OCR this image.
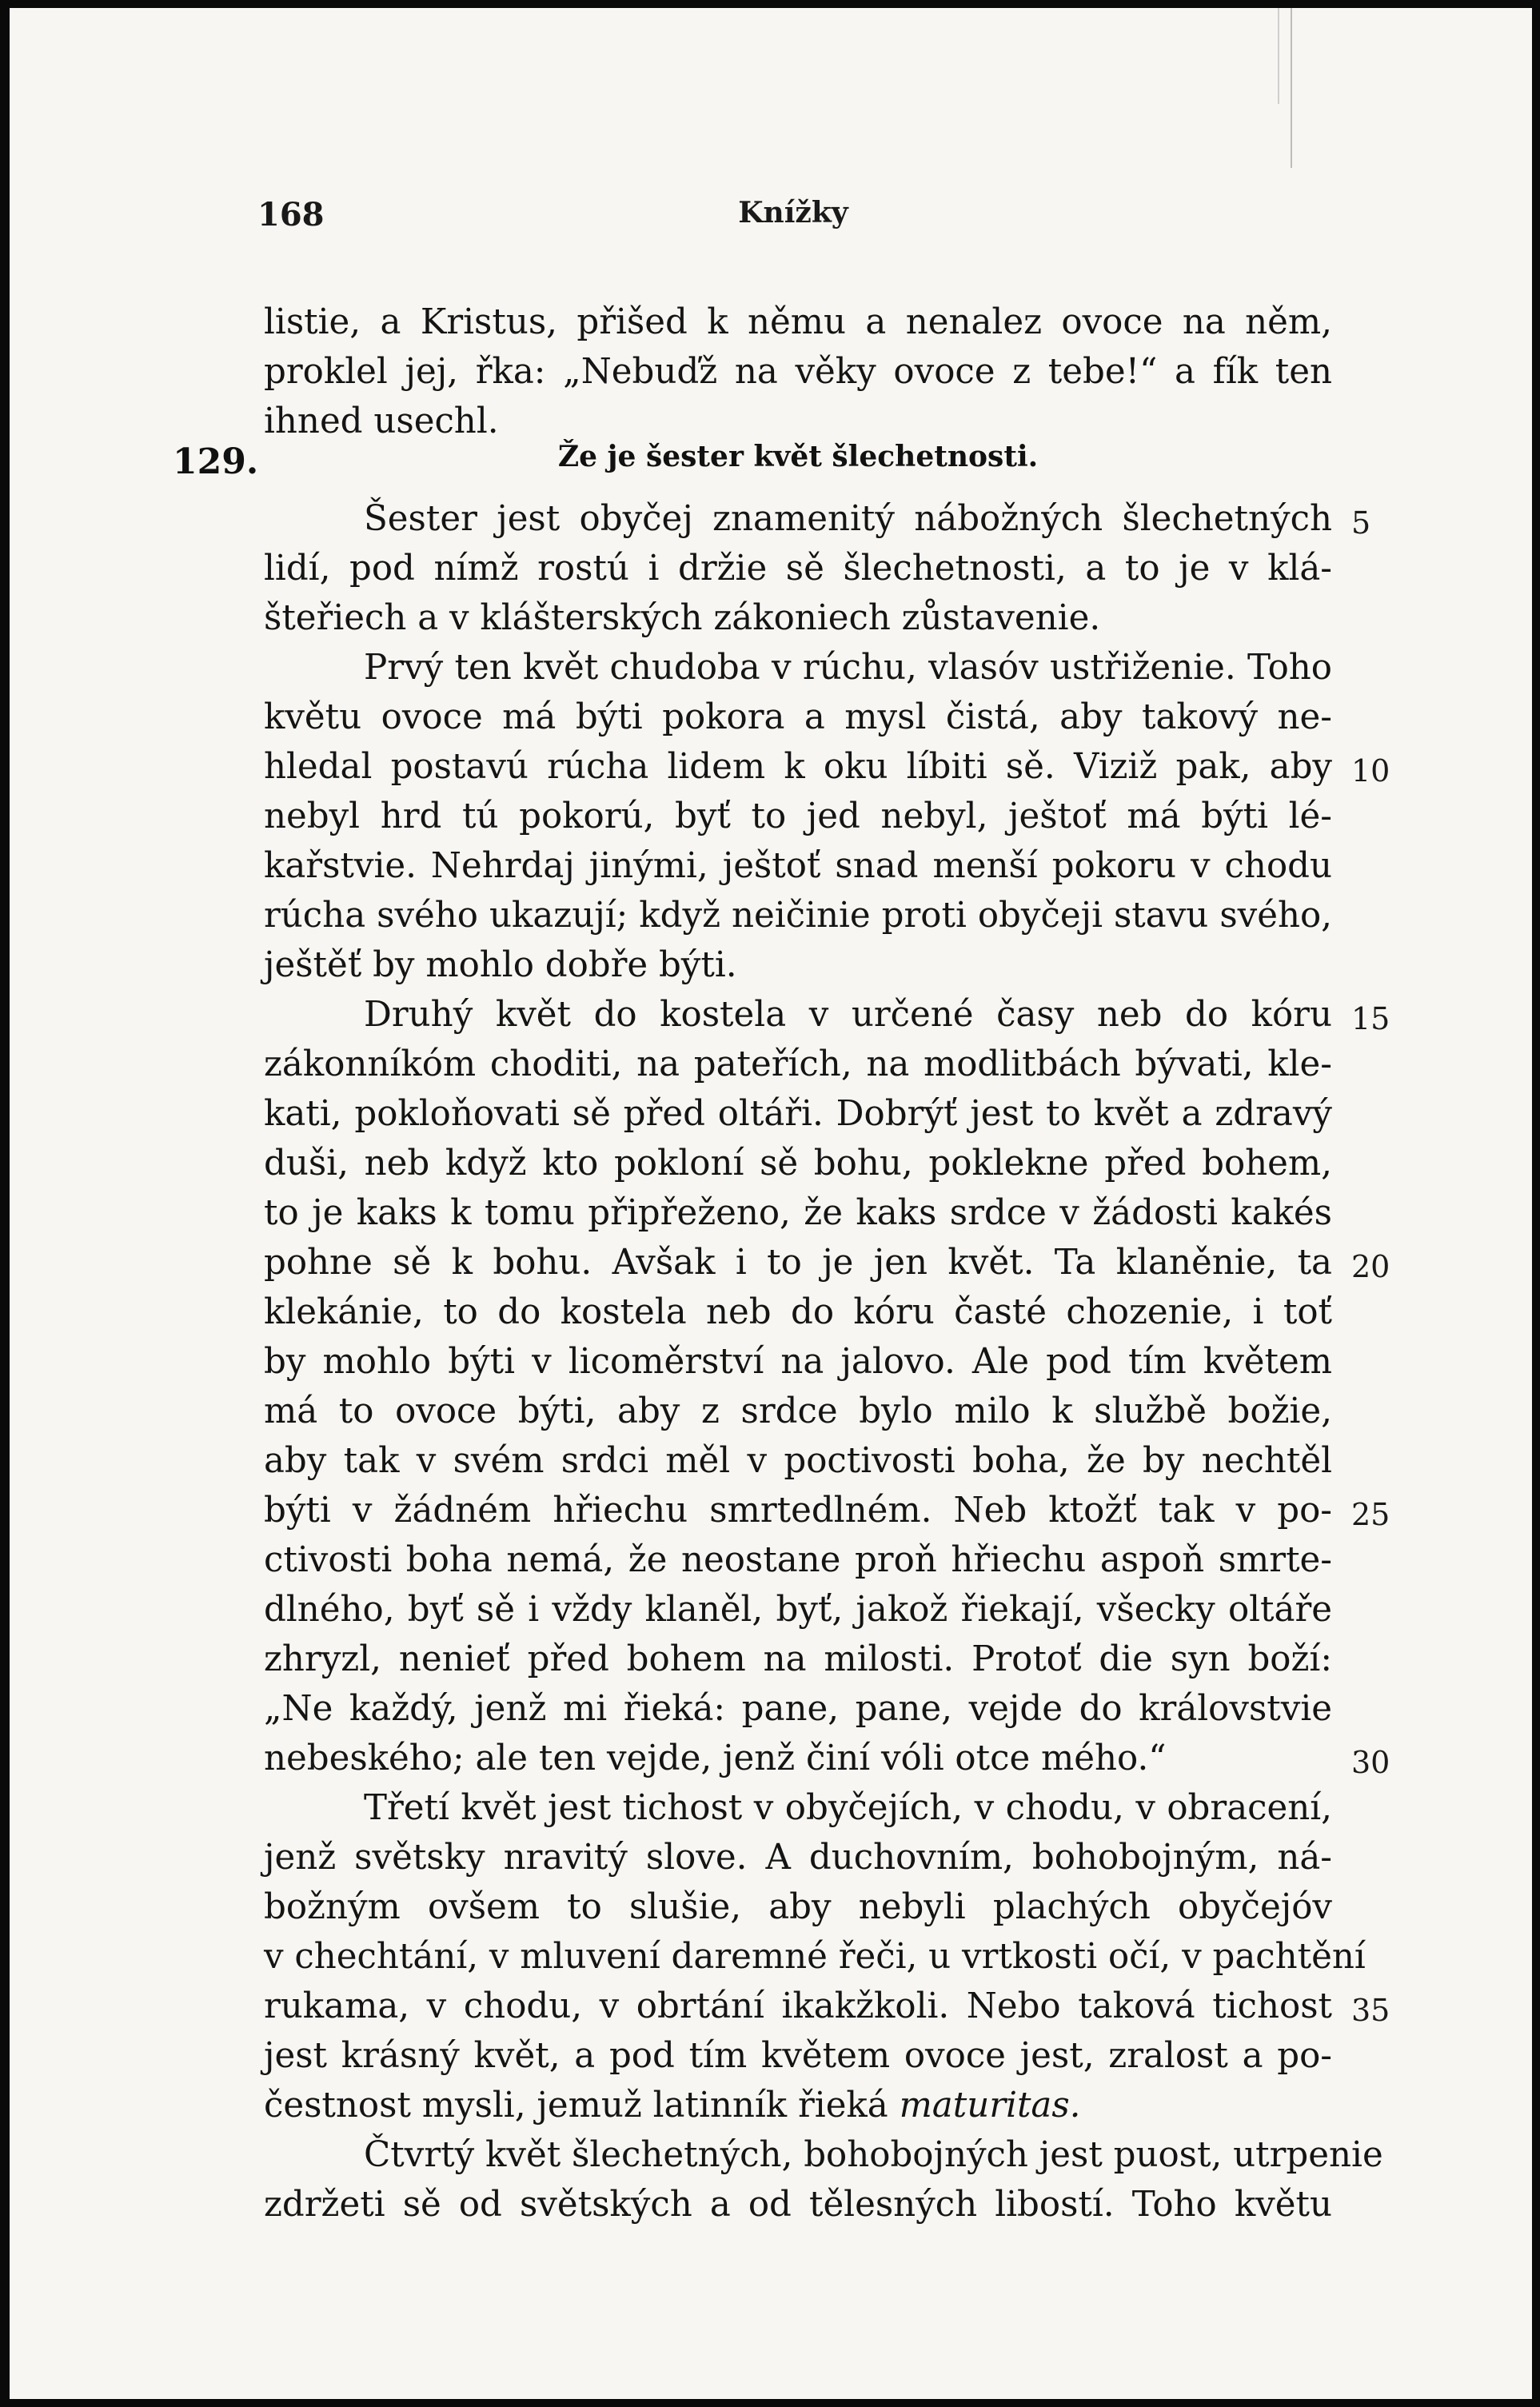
168	Knížky
listie, a Kristus, přišed k němu a nenalez ovoce na něm,
proklel jej, řka: „Nebuďž na věky ovoce z tebe!“ a fík ten
ihned usechl.
129.	Že je šester květ šlechetnosti.
Šester jest obyčej znamenitý nábožných šlechetných
lidí, pod nímž rostú i držie sě šlechetnosti, a to je v klá-
šteřiech a v klášterských zákoniech zůstavenie.
Prvý ten květ chudoba v rúchu, vlasóv ustřiženie. Toho
květu ovoce má býti pokora a mysl čistá, aby takový ne-
hledal postavú rúcha lidem k oku líbiti sě. Viziž pak, aby
nebyl hrd tú pokorú, byť to jed nebyl, ještoť má býti lé-
kařstvie. Nehrdaj jinými, ještoť snad menší pokoru v chodu
rúcha svého ukazují; když neičinie proti obyčeji stavu svého,
ještěť by mohlo dobře býti.
Druhý květ do kostela v určené časy neb do kóru
zákonníkóm choditi, na pateřích, na modlitbách bývati, kle-
kati, pokloňovati sě před oltáři. Dobrýť jest to květ a zdravý
duši, neb když kto pokloní sě bohu, poklekne před bohem,
to je kaks k tomu připřeženo, že kaks srdce v žádosti kakés
pohne sě k bohu. Avšak i to je jen květ. Ta klaněnie, ta
klekánie, to do kostela neb do kóru časté chozenie, i toť
by mohlo býti v licoměrství na jalovo. Ale pod tím květem
má to ovoce býti, aby z srdce bylo milo k službě božie,
aby tak v svém srdci měl v poctivosti boha, že by nechtěl
býti v žádném hřiechu smrtedlném. Neb ktožť tak v po-
ctivosti boha nemá, že neostane proň hřiechu aspoň smrte-
dlného, byť sě i vždy klaněl, byť, jakož řiekají, všecky oltáře
zhryzl, nenieť před bohem na milosti. Protoť die syn boží:
„Ne každý, jenž mi řieká: pane, pane, vejde do královstvie
nebeského; ale ten vejde, jenž činí vóli otce mého.“
Třetí květ jest tichost v obyčejích, v chodu, v obracení,
jenž světsky nravitý slove. A duchovním, bohobojným, ná-
božným ovšem to slušie, aby nebyli plachých obyčejóv
v chechtání, v mluvení daremné řeči, u vrtkosti očí, v pachtění
rukama, v chodu, v obrtání ikakžkoli. Nebo taková tichost
jest krásný květ, a pod tím květem ovoce jest, zralost a po-
čestnost mysli, jemuž latinník řieká maturitas.
Čtvrtý květ šlechetných, bohobojných jest puost, utrpenie
zdržeti sě od světských a od tělesných libostí. Toho květu
5
10
15
20
25
30
35
